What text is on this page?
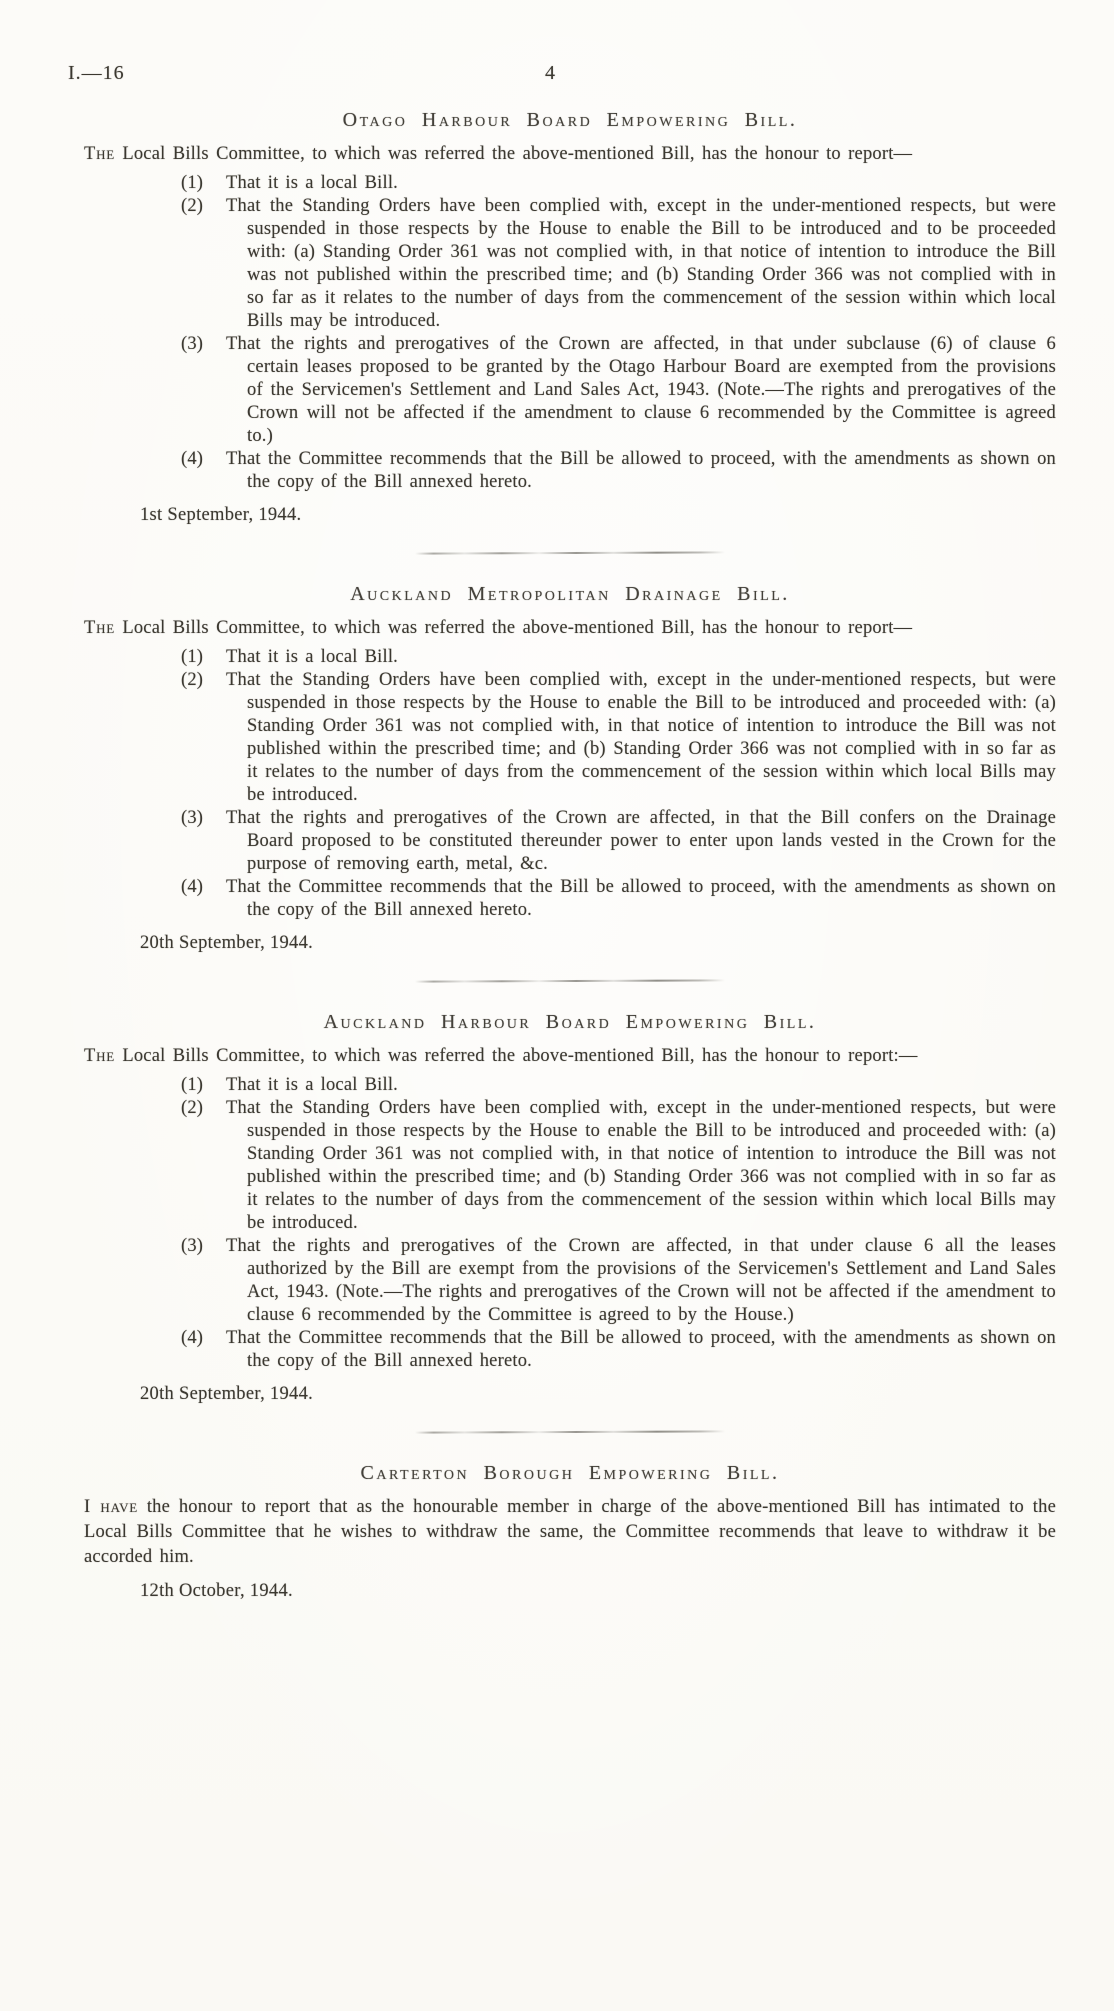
I.—16	4
Otago Harbour Board Empowering Bill.

The Local Bills Committee, to which was referred the above-mentioned Bill, has the honour to report—

(1) That it is a local Bill.
(2) That the Standing Orders have been complied with, except in the under-mentioned respects, but were suspended in those respects by the House to enable the Bill to be introduced and to be proceeded with: (a) Standing Order 361 was not complied with, in that notice of intention to introduce the Bill was not published within the prescribed time; and (b) Standing Order 366 was not complied with in so far as it relates to the number of days from the commencement of the session within which local Bills may be introduced.
(3) That the rights and prerogatives of the Crown are affected, in that under subclause (6) of clause 6 certain leases proposed to be granted by the Otago Harbour Board are exempted from the provisions of the Servicemen's Settlement and Land Sales Act, 1943. (Note.—The rights and prerogatives of the Crown will not be affected if the amendment to clause 6 recommended by the Committee is agreed to.)
(4) That the Committee recommends that the Bill be allowed to proceed, with the amendments as shown on the copy of the Bill annexed hereto.

1st September, 1944.

Auckland Metropolitan Drainage Bill.

The Local Bills Committee, to which was referred the above-mentioned Bill, has the honour to report—

(1) That it is a local Bill.
(2) That the Standing Orders have been complied with, except in the under-mentioned respects, but were suspended in those respects by the House to enable the Bill to be introduced and proceeded with: (a) Standing Order 361 was not complied with, in that notice of intention to introduce the Bill was not published within the prescribed time; and (b) Standing Order 366 was not complied with in so far as it relates to the number of days from the commencement of the session within which local Bills may be introduced.
(3) That the rights and prerogatives of the Crown are affected, in that the Bill confers on the Drainage Board proposed to be constituted thereunder power to enter upon lands vested in the Crown for the purpose of removing earth, metal, &c.
(4) That the Committee recommends that the Bill be allowed to proceed, with the amendments as shown on the copy of the Bill annexed hereto.

20th September, 1944.

Auckland Harbour Board Empowering Bill.

The Local Bills Committee, to which was referred the above-mentioned Bill, has the honour to report:—

(1) That it is a local Bill.
(2) That the Standing Orders have been complied with, except in the under-mentioned respects, but were suspended in those respects by the House to enable the Bill to be introduced and proceeded with: (a) Standing Order 361 was not complied with, in that notice of intention to introduce the Bill was not published within the prescribed time; and (b) Standing Order 366 was not complied with in so far as it relates to the number of days from the commencement of the session within which local Bills may be introduced.
(3) That the rights and prerogatives of the Crown are affected, in that under clause 6 all the leases authorized by the Bill are exempt from the provisions of the Servicemen's Settlement and Land Sales Act, 1943. (Note.—The rights and prerogatives of the Crown will not be affected if the amendment to clause 6 recommended by the Committee is agreed to by the House.)
(4) That the Committee recommends that the Bill be allowed to proceed, with the amendments as shown on the copy of the Bill annexed hereto.

20th September, 1944.

Carterton Borough Empowering Bill.

I have the honour to report that as the honourable member in charge of the above-mentioned Bill has intimated to the Local Bills Committee that he wishes to withdraw the same, the Committee recommends that leave to withdraw it be accorded him.

12th October, 1944.
